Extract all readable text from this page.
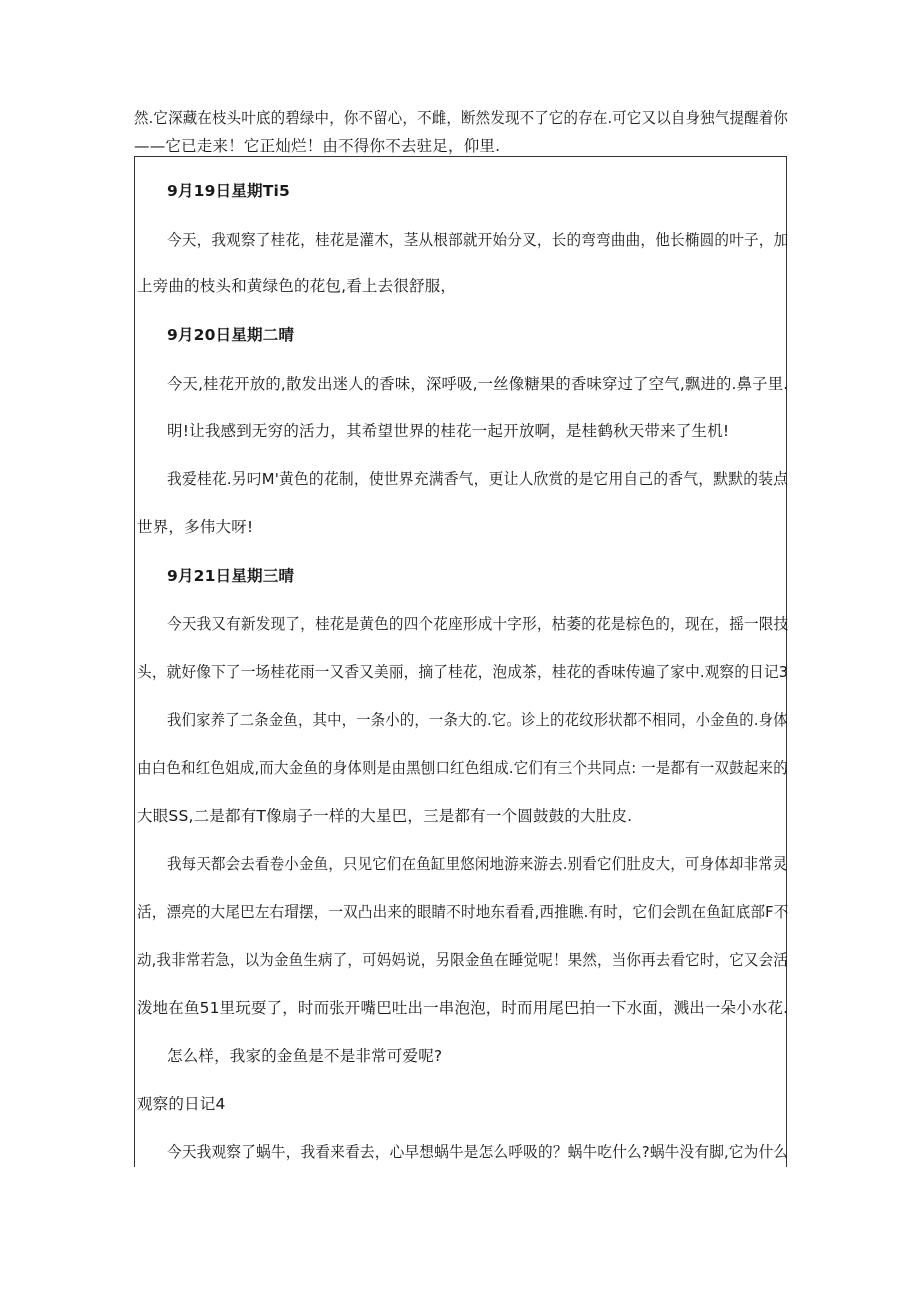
然.它深藏在枝头叶底的碧绿中，你不留心，不雌，断然发现不了它的存在.可它又以自身独气提醒着你
——它已走来！它正灿烂！由不得你不去驻足，仰里.
9月19日星期Ti5
今天，我观察了桂花，桂花是灌木，茎从根部就开始分叉，长的弯弯曲曲，他长椭圆的叶子，加
上旁曲的枝头和黄绿色的花包,看上去很舒服，
9月20日星期二晴
今天,桂花开放的,散发出迷人的香味，深呼吸,一丝像糖果的香味穿过了空气,飘进的.鼻子里.
明!让我感到无穷的活力，其希望世界的桂花一起开放啊，是桂鹤秋天带来了生机!
我爱桂花.另叼M'黄色的花制，使世界充满香气，更让人欣赏的是它用自己的香气，默默的装点
世界，多伟大呀!
9月21日星期三晴
今天我又有新发现了，桂花是黄色的四个花座形成十字形，枯萎的花是棕色的，现在，摇一限技
头，就好像下了一场桂花雨一又香又美丽，摘了桂花，泡成茶，桂花的香味传遍了家中.观察的日记3
我们家养了二条金鱼，其中，一条小的，一条大的.它。诊上的花纹形状都不相同，小金鱼的.身体
由白色和红色姐成,而大金鱼的身体则是由黑刨口红色组成.它们有三个共同点: 一是都有一双鼓起来的
大眼SS,二是都有T像扇子一样的大星巴，三是都有一个圆鼓鼓的大肚皮.
我每天都会去看卷小金鱼，只见它们在鱼缸里悠闲地游来游去.别看它们肚皮大，可身体却非常灵
活，漂亮的大尾巴左右瑁摆，一双凸出来的眼睛不时地东看看,西推瞧.有时，它们会凯在鱼缸底部F不
动,我非常若急，以为金鱼生病了，可妈妈说，另限金鱼在睡觉呢！果然，当你再去看它时，它又会活
泼地在鱼51里玩耍了，时而张开嘴巴吐出一串泡泡，时而用尾巴拍一下水面，溅出一朵小水花.
怎么样，我家的金鱼是不是非常可爱呢?
观察的日记4
今天我观察了蜗牛，我看来看去，心早想蜗牛是怎么呼吸的？蜗牛吃什么?蜗牛没有脚,它为什么
